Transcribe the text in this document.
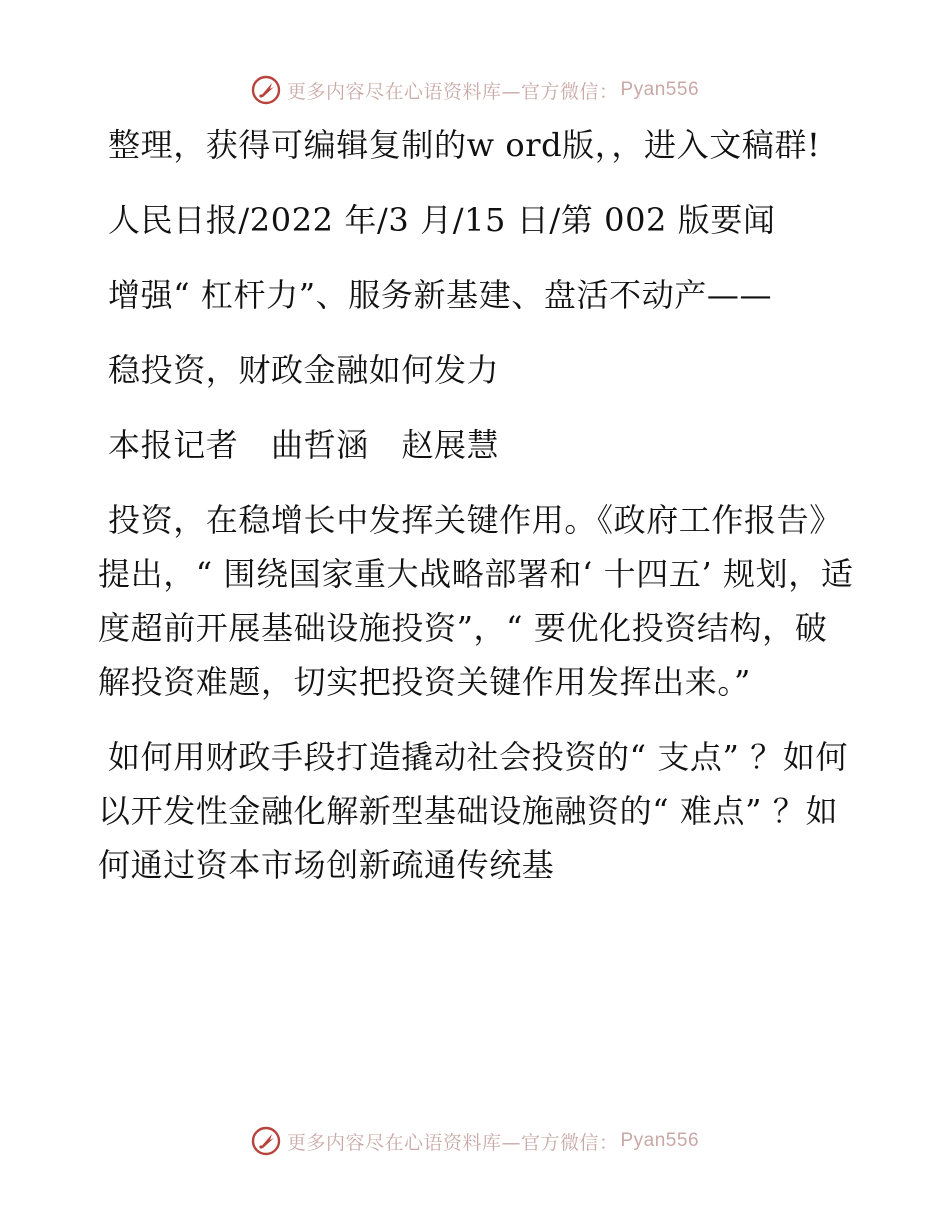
更多内容尽在心语资料库—官方微信： Pyan556

整理，获得可编辑复制的w ord版，，进入文稿群!

人民日报/2022 年/3 月/15 日/第 002 版要闻

增强“ 杠杆力”、服务新基建、盘活不动产——

稳投资，财政金融如何发力

本报记者　曲哲涵　赵展慧

投资，在稳增长中发挥关键作用。《政府工作报告》提出，“ 围绕国家重大战略部署和‘ 十四五’ 规划，适度超前开展基础设施投资”，“ 要优化投资结构，破解投资难题，切实把投资关键作用发挥出来。”

如何用财政手段打造撬动社会投资的“ 支点” ？如何以开发性金融化解新型基础设施融资的“ 难点” ？如何通过资本市场创新疏通传统基

更多内容尽在心语资料库—官方微信： Pyan556
